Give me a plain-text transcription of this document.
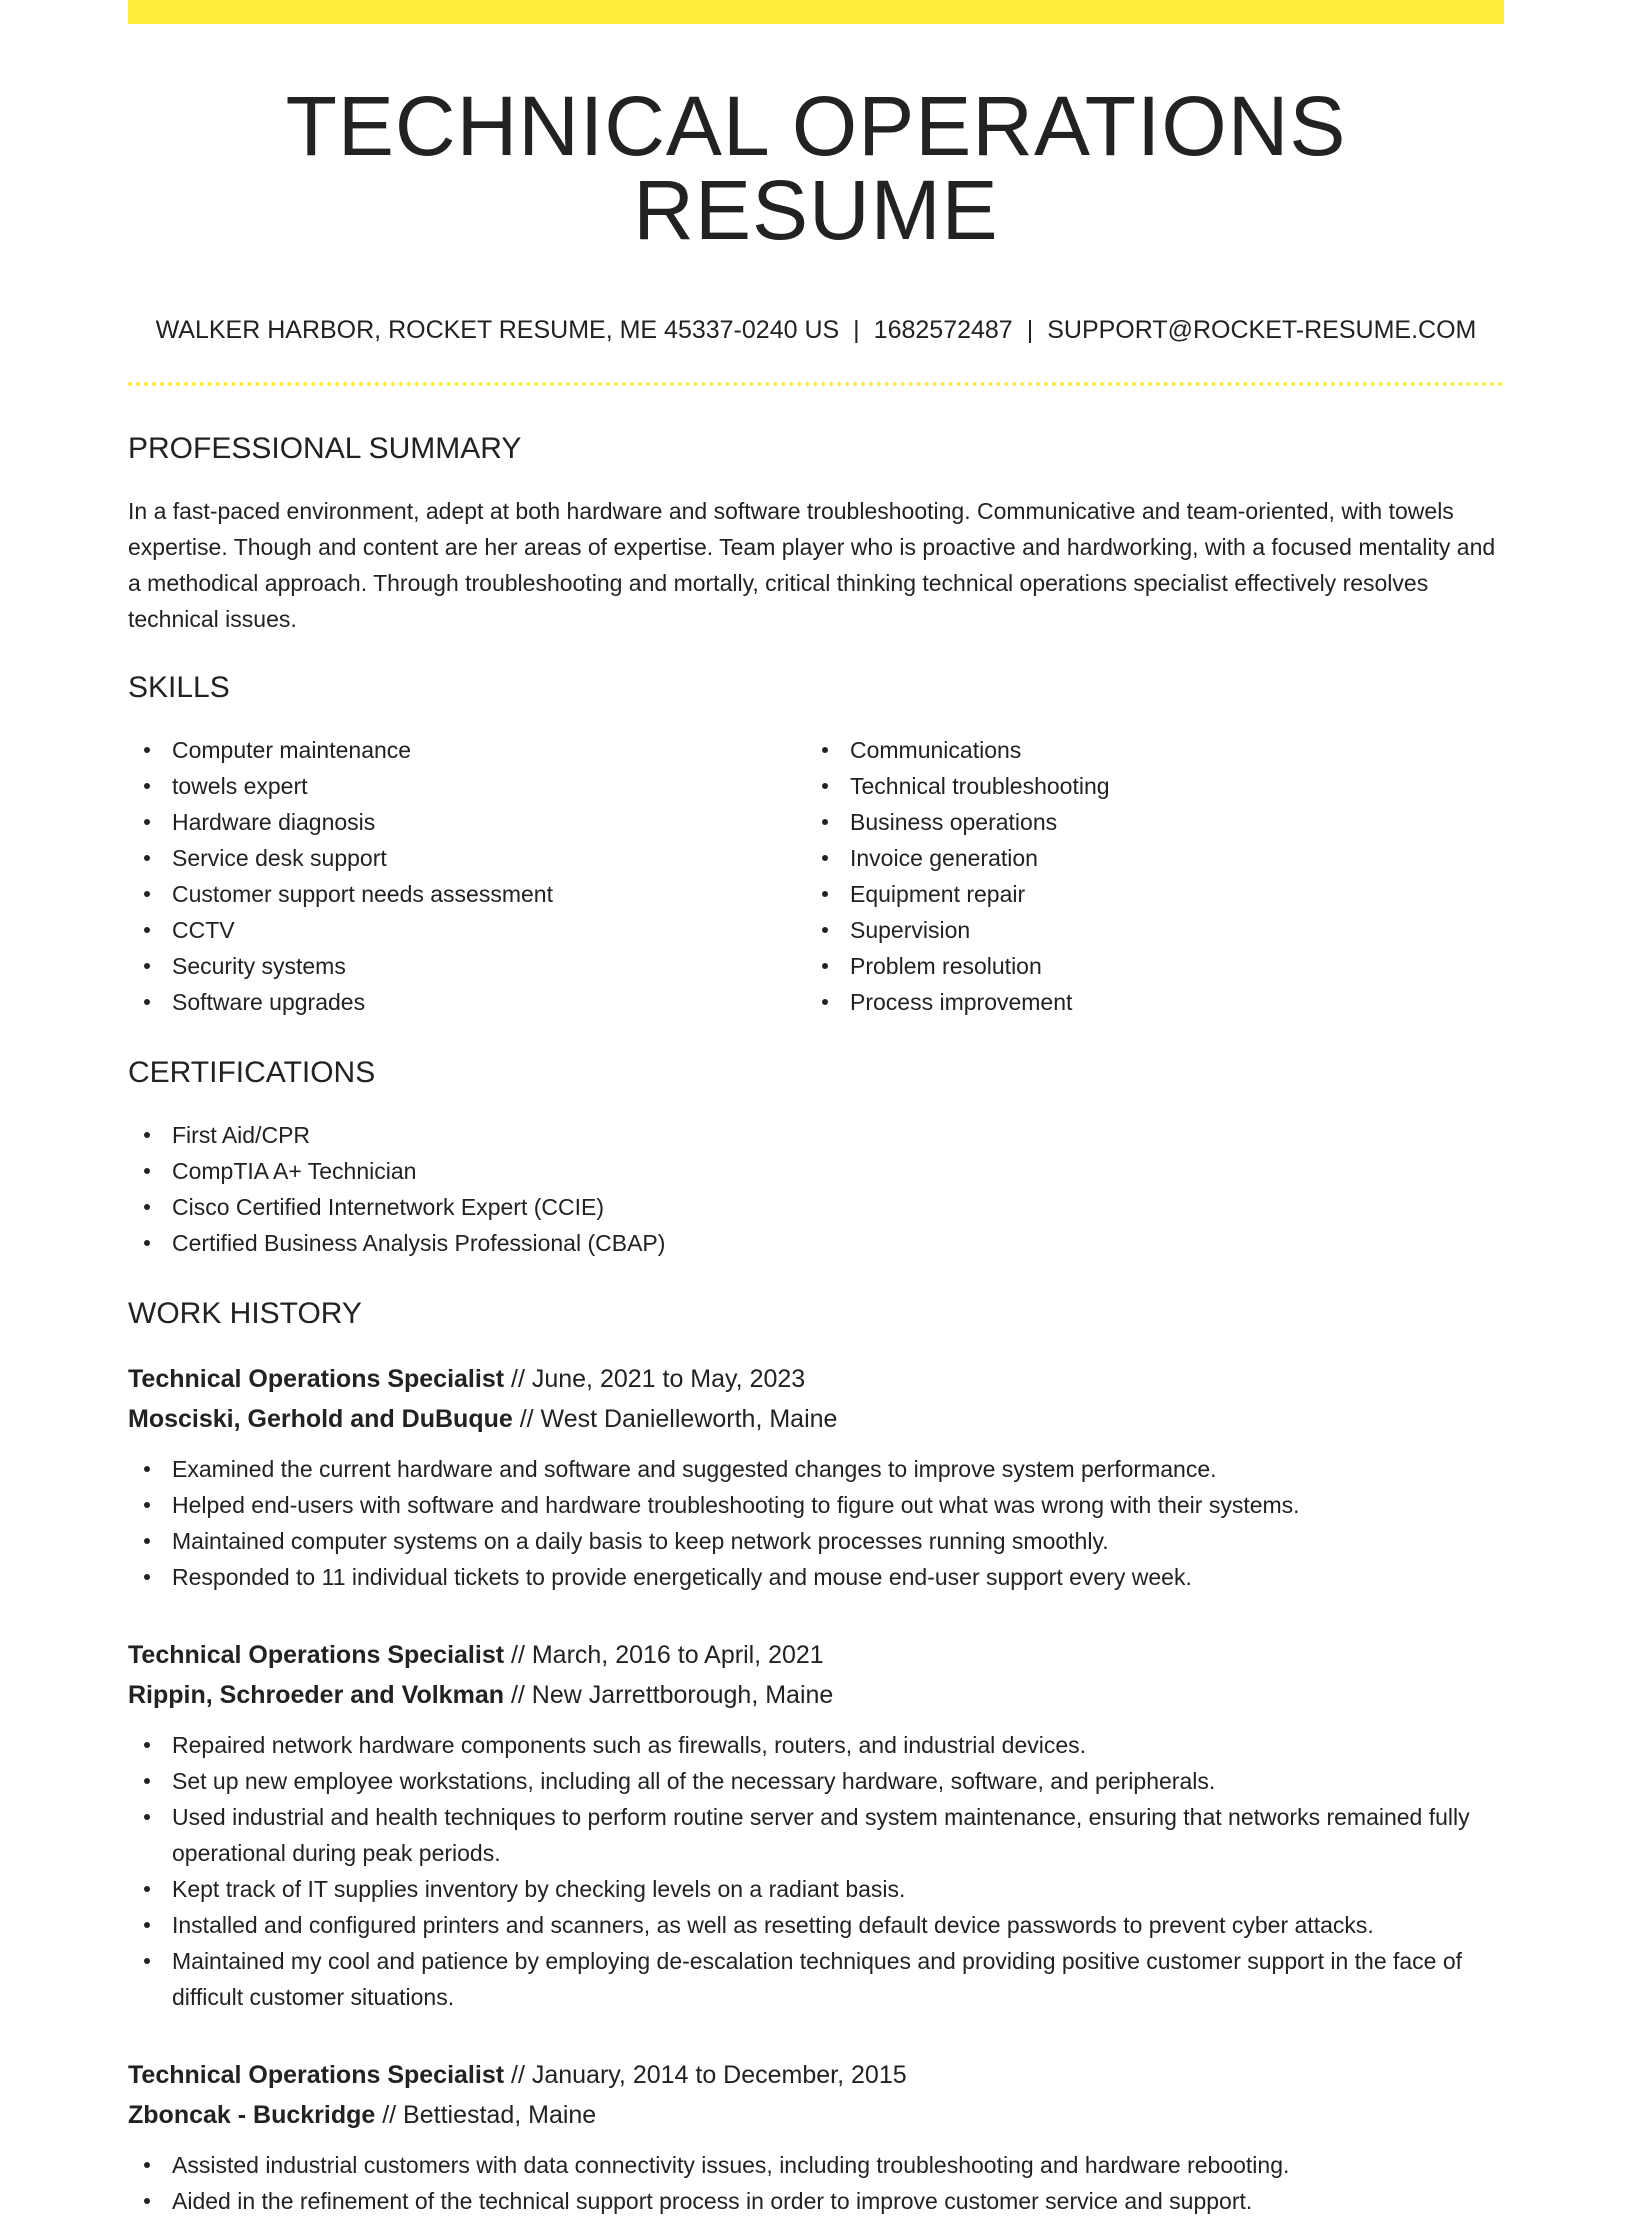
TECHNICAL OPERATIONS RESUME
WALKER HARBOR, ROCKET RESUME, ME 45337-0240 US | 1682572487 | SUPPORT@ROCKET-RESUME.COM
PROFESSIONAL SUMMARY

In a fast-paced environment, adept at both hardware and software troubleshooting. Communicative and team-oriented, with towels expertise. Though and content are her areas of expertise. Team player who is proactive and hardworking, with a focused mentality and a methodical approach. Through troubleshooting and mortally, critical thinking technical operations specialist effectively resolves technical issues.

SKILLS
Computer maintenance
towels expert
Hardware diagnosis
Service desk support
Customer support needs assessment
CCTV
Security systems
Software upgrades
Communications
Technical troubleshooting
Business operations
Invoice generation
Equipment repair
Supervision
Problem resolution
Process improvement
CERTIFICATIONS
First Aid/CPR
CompTIA A+ Technician
Cisco Certified Internetwork Expert (CCIE)
Certified Business Analysis Professional (CBAP)
WORK HISTORY
Technical Operations Specialist // June, 2021 to May, 2023
Mosciski, Gerhold and DuBuque // West Danielleworth, Maine
Examined the current hardware and software and suggested changes to improve system performance.
Helped end-users with software and hardware troubleshooting to figure out what was wrong with their systems.
Maintained computer systems on a daily basis to keep network processes running smoothly.
Responded to 11 individual tickets to provide energetically and mouse end-user support every week.
Technical Operations Specialist // March, 2016 to April, 2021
Rippin, Schroeder and Volkman // New Jarrettborough, Maine
Repaired network hardware components such as firewalls, routers, and industrial devices.
Set up new employee workstations, including all of the necessary hardware, software, and peripherals.
Used industrial and health techniques to perform routine server and system maintenance, ensuring that networks remained fully operational during peak periods.
Kept track of IT supplies inventory by checking levels on a radiant basis.
Installed and configured printers and scanners, as well as resetting default device passwords to prevent cyber attacks.
Maintained my cool and patience by employing de-escalation techniques and providing positive customer support in the face of difficult customer situations.
Technical Operations Specialist // January, 2014 to December, 2015
Zboncak - Buckridge // Bettiestad, Maine
Assisted industrial customers with data connectivity issues, including troubleshooting and hardware rebooting.
Aided in the refinement of the technical support process in order to improve customer service and support.
